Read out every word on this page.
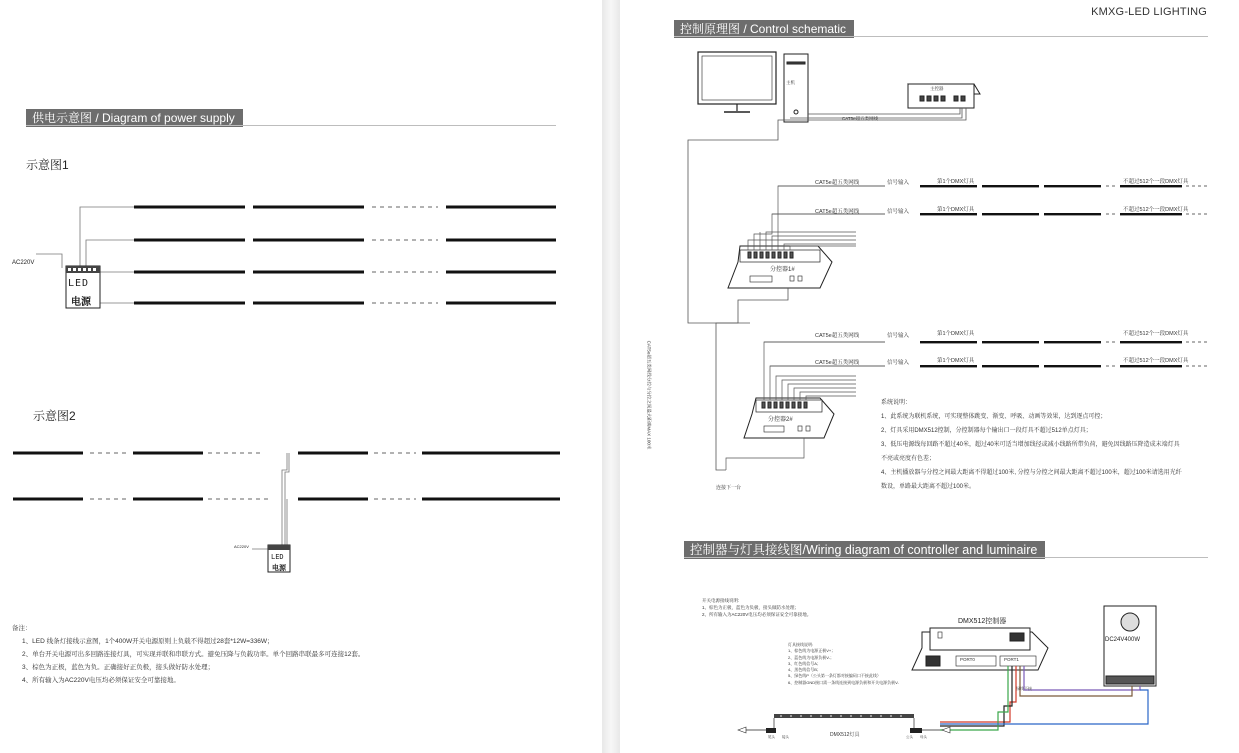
供电示意图 / Diagram of power supply
示意图1
示意图2
AC220V
LED
电源
AC220V
LED
电源
备注：
1、LED 线条灯接线示意图，1个400W开关电源原则上负载不得超过28套*12W=336W；
2、单台开关电源可出多回路连接灯具，可实现并联和串联方式。避免压降与负载功率。单个回路串联最多可连接12套。
3、棕色为正极，蓝色为负。正确接好正负极，接头做好防水处理；
4、所有输入为AC220V电压均必须保证安全可靠接地。
KMXG-LED LIGHTING
控制原理图 / Control schematic
主机
主控器
CAT5e超五类网线
CAT5e超五类网线	信号输入	第1个DMX灯具	不超过512个一段DMX灯具
CAT5e超五类网线	信号输入	第1个DMX灯具	不超过512个一段DMX灯具
CAT5e超五类网线	信号输入	第1个DMX灯具	不超过512个一段DMX灯具
CAT5e超五类网线	信号输入	第1个DMX灯具	不超过512个一段DMX灯具
分控器1#
分控器2#
CAT5e超五类网线分控与分控之间最大距离MAX 100米
连接下一台
系统说明：
1、此系统为联机系统，可实现整体跳变、渐变、呼吸、动画等效果，达到逐点可控；
2、灯具采用DMX512控制，分控制器每个输出口一段灯具不超过512单点灯具；
3、低压电源线每回路不超过40米，超过40米可适当增加线径或减小线路所带负荷，避免因线路压降造成末端灯具
不亮或亮度有色差；
4、主机播放器与分控之间最大距离不得超过100米, 分控与分控之间最大距离不超过100米，超过100米请选用光纤
数设，单路最大距离不超过100米。
控制器与灯具接线图/Wiring diagram of controller and luminaire
开关电源接线说明:
1、棕色为正极，蓝色为负极，接头做防水处理；
2、所有输入为AC220V电压均必须保证安全可靠接地。
灯具接线说明:
1、棕色线为电源正极V+；
2、蓝色线为电源负极V-；
3、红色线信号A；
4、黑色线信号B；
5、绿色线P（公头第一条灯都对接编码口不接此线）
6、控制器GND接口需一条线连接到电源负极和开关电源负极V-
DMX512控制器
PORT0	PORT1
DC24V400W
DMX512灯具
绿线不接
尾头 接头	公头 母头
